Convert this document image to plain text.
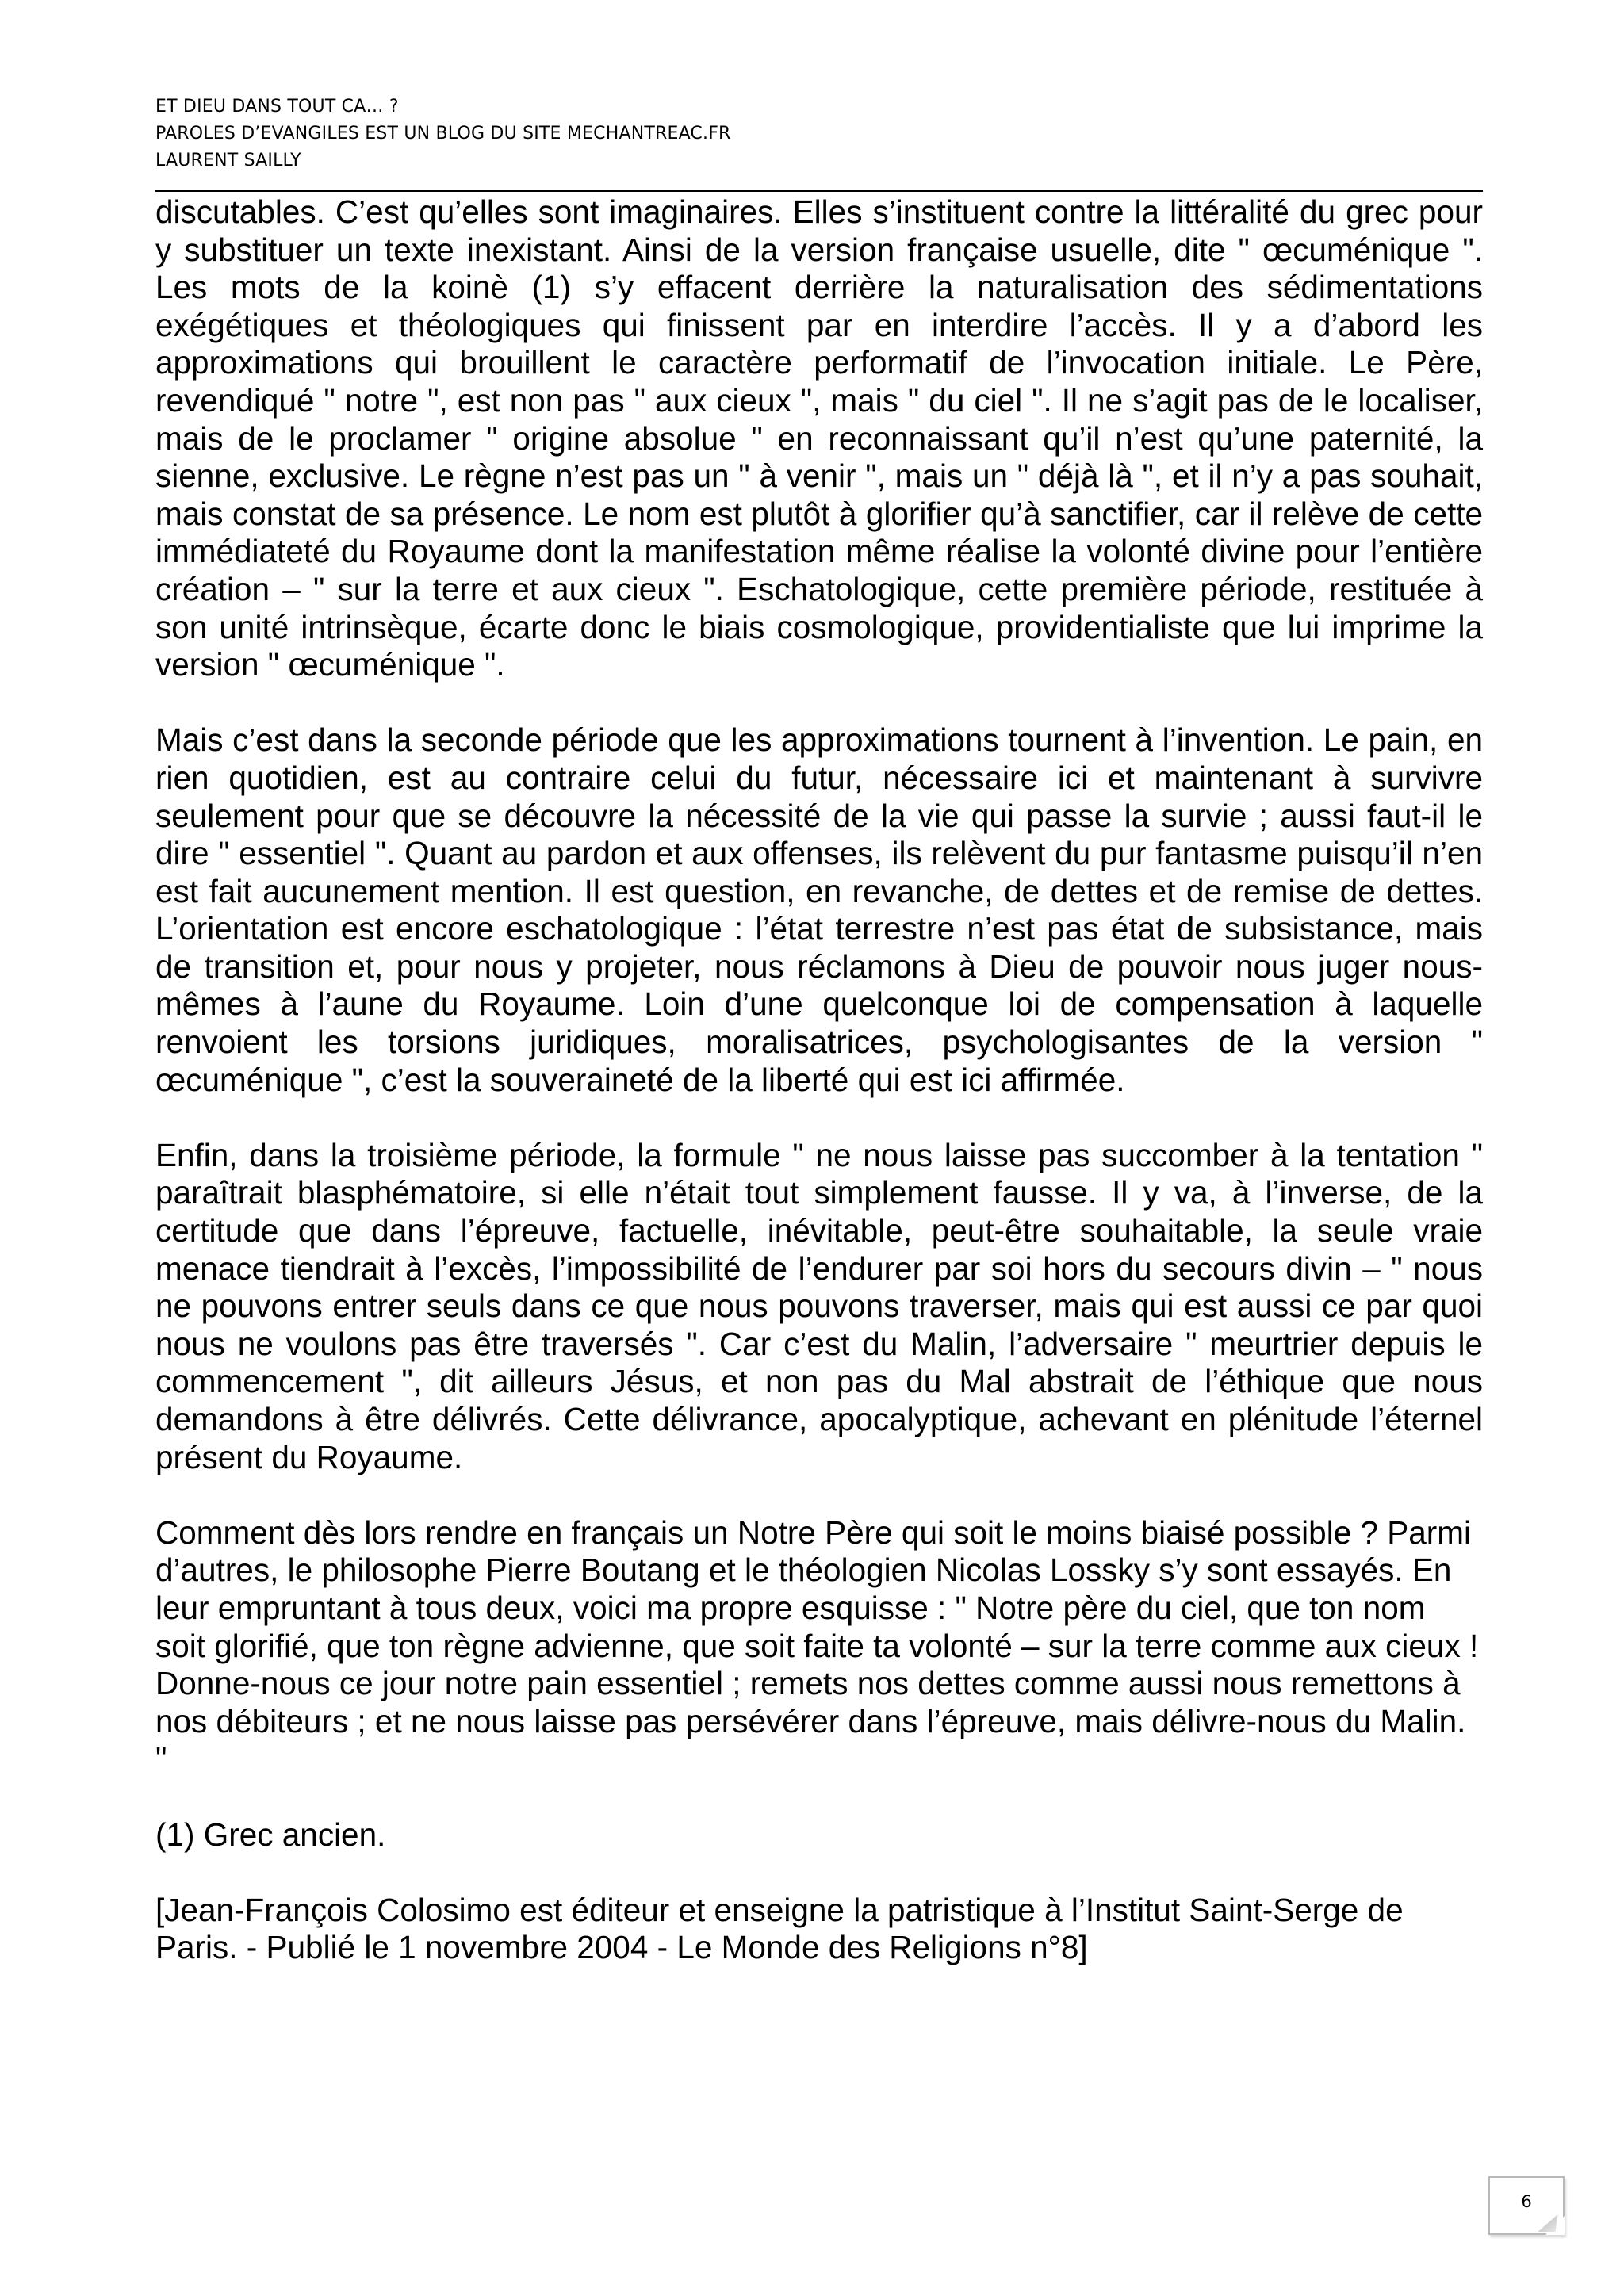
ET DIEU DANS TOUT CA… ?
PAROLES D’EVANGILES EST UN BLOG DU SITE MECHANTREAC.FR
LAURENT SAILLY

discutables. C’est qu’elles sont imaginaires. Elles s’instituent contre la littéralité du grec pour y substituer un texte inexistant. Ainsi de la version française usuelle, dite " œcuménique ". Les mots de la koinè (1) s’y effacent derrière la naturalisation des sédimentations exégétiques et théologiques qui finissent par en interdire l’accès. Il y a d’abord les approximations qui brouillent le caractère performatif de l’invocation initiale. Le Père, revendiqué " notre ", est non pas " aux cieux ", mais " du ciel ". Il ne s’agit pas de le localiser, mais de le proclamer " origine absolue " en reconnaissant qu’il n’est qu’une paternité, la sienne, exclusive. Le règne n’est pas un " à venir ", mais un " déjà là ", et il n’y a pas souhait, mais constat de sa présence. Le nom est plutôt à glorifier qu’à sanctifier, car il relève de cette immédiateté du Royaume dont la manifestation même réalise la volonté divine pour l’entière création – " sur la terre et aux cieux ". Eschatologique, cette première période, restituée à son unité intrinsèque, écarte donc le biais cosmologique, providentialiste que lui imprime la version " œcuménique ".

Mais c’est dans la seconde période que les approximations tournent à l’invention. Le pain, en rien quotidien, est au contraire celui du futur, nécessaire ici et maintenant à survivre seulement pour que se découvre la nécessité de la vie qui passe la survie ; aussi faut-il le dire " essentiel ". Quant au pardon et aux offenses, ils relèvent du pur fantasme puisqu’il n’en est fait aucunement mention. Il est question, en revanche, de dettes et de remise de dettes. L’orientation est encore eschatologique : l’état terrestre n’est pas état de subsistance, mais de transition et, pour nous y projeter, nous réclamons à Dieu de pouvoir nous juger nous-mêmes à l’aune du Royaume. Loin d’une quelconque loi de compensation à laquelle renvoient les torsions juridiques, moralisatrices, psychologisantes de la version " œcuménique ", c’est la souveraineté de la liberté qui est ici affirmée.

Enfin, dans la troisième période, la formule " ne nous laisse pas succomber à la tentation " paraîtrait blasphématoire, si elle n’était tout simplement fausse. Il y va, à l’inverse, de la certitude que dans l’épreuve, factuelle, inévitable, peut-être souhaitable, la seule vraie menace tiendrait à l’excès, l’impossibilité de l’endurer par soi hors du secours divin – " nous ne pouvons entrer seuls dans ce que nous pouvons traverser, mais qui est aussi ce par quoi nous ne voulons pas être traversés ". Car c’est du Malin, l’adversaire " meurtrier depuis le commencement ", dit ailleurs Jésus, et non pas du Mal abstrait de l’éthique que nous demandons à être délivrés. Cette délivrance, apocalyptique, achevant en plénitude l’éternel présent du Royaume.

Comment dès lors rendre en français un Notre Père qui soit le moins biaisé possible ? Parmi d’autres, le philosophe Pierre Boutang et le théologien Nicolas Lossky s’y sont essayés. En leur empruntant à tous deux, voici ma propre esquisse : " Notre père du ciel, que ton nom soit glorifié, que ton règne advienne, que soit faite ta volonté – sur la terre comme aux cieux ! Donne-nous ce jour notre pain essentiel ; remets nos dettes comme aussi nous remettons à nos débiteurs ; et ne nous laisse pas persévérer dans l’épreuve, mais délivre-nous du Malin. "

(1) Grec ancien.

[Jean-François Colosimo est éditeur et enseigne la patristique à l’Institut Saint-Serge de Paris. - Publié le 1 novembre 2004 - Le Monde des Religions n°8]

6
